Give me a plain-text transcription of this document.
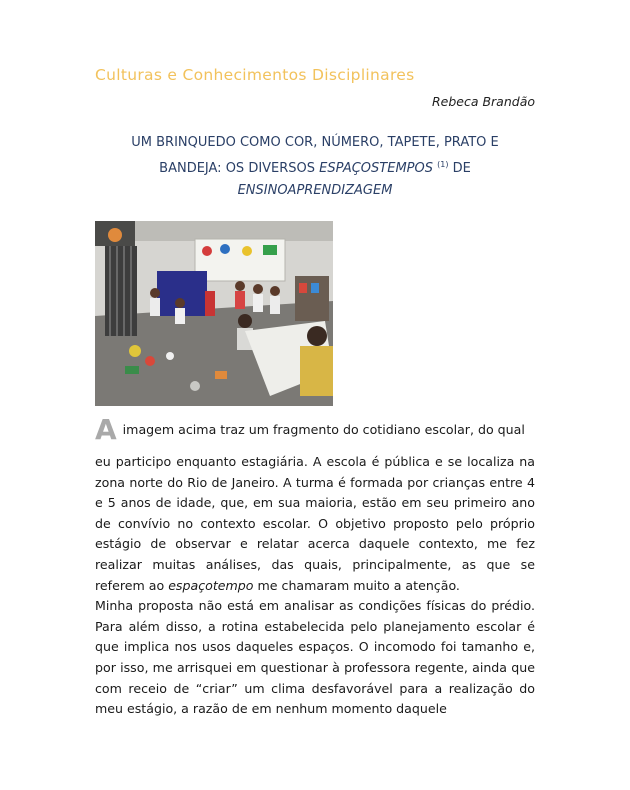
Culturas e Conhecimentos Disciplinares
Rebeca Brandão
UM BRINQUEDO COMO COR, NÚMERO, TAPETE, PRATO E
BANDEJA: OS DIVERSOS ESPAÇOSTEMPOS $^{(1)}$ DE
ENSINOAPRENDIZAGEM
Aimagem acima traz um fragmento do cotidiano escolar, do qual

eu participo enquanto estagiária. A escola é pública e se localiza na zona norte do Rio de Janeiro. A turma é formada por crianças entre 4 e 5 anos de idade, que, em sua maioria, estão em seu primeiro ano de convívio no contexto escolar. O objetivo proposto pelo próprio estágio de observar e relatar acerca daquele contexto, me fez realizar muitas análises, das quais, principalmente, as que se referem ao espaçotempo me chamaram muito a atenção.

Minha proposta não está em analisar as condições físicas do prédio. Para além disso, a rotina estabelecida pelo planejamento escolar é que implica nos usos daqueles espaços. O incomodo foi tamanho e, por isso, me arrisquei em questionar à professora regente, ainda que com receio de “criar” um clima desfavorável para a realização do meu estágio, a razão de em nenhum momento daquele
